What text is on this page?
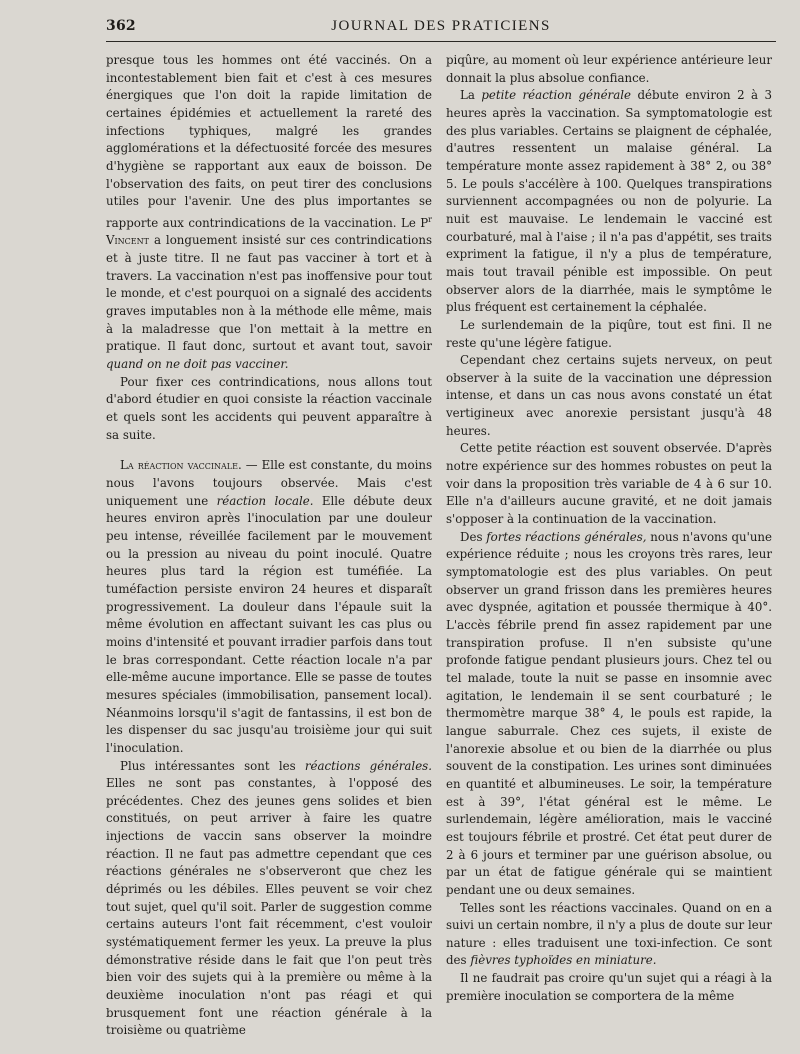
362	JOURNAL DES PRATICIENS

presque tous les hommes ont été vaccinés. On a incontestablement bien fait et c'est à ces mesures énergiques que l'on doit la rapide limitation de certaines épidémies et actuellement la rareté des infections typhiques, malgré les grandes agglomérations et la défectuosité forcée des mesures d'hygiène se rapportant aux eaux de boisson. De l'observation des faits, on peut tirer des conclusions utiles pour l'avenir. Une des plus importantes se rapporte aux contrindications de la vaccination. Le $P^r$ Vincent a longuement insisté sur ces contrindications et à juste titre. Il ne faut pas vacciner à tort et à travers. La vaccination n'est pas inoffensive pour tout le monde, et c'est pourquoi on a signalé des accidents graves imputables non à la méthode elle même, mais à la maladresse que l'on mettait à la mettre en pratique. Il faut donc, surtout et avant tout, savoir quand on ne doit pas vacciner.

Pour fixer ces contrindications, nous allons tout d'abord étudier en quoi consiste la réaction vaccinale et quels sont les accidents qui peuvent apparaître à sa suite.

La réaction vaccinale. — Elle est constante, du moins nous l'avons toujours observée. Mais c'est uniquement une réaction locale. Elle débute deux heures environ après l'inoculation par une douleur peu intense, réveillée facilement par le mouvement ou la pression au niveau du point inoculé. Quatre heures plus tard la région est tuméfiée. La tuméfaction persiste environ 24 heures et disparaît progressivement. La douleur dans l'épaule suit la même évolution en affectant suivant les cas plus ou moins d'intensité et pouvant irradier parfois dans tout le bras correspondant. Cette réaction locale n'a par elle-même aucune importance. Elle se passe de toutes mesures spéciales (immobilisation, pansement local). Néanmoins lorsqu'il s'agit de fantassins, il est bon de les dispenser du sac jusqu'au troisième jour qui suit l'inoculation.

Plus intéressantes sont les réactions générales. Elles ne sont pas constantes, à l'opposé des précédentes. Chez des jeunes gens solides et bien constitués, on peut arriver à faire les quatre injections de vaccin sans observer la moindre réaction. Il ne faut pas admettre cependant que ces réactions générales ne s'observeront que chez les déprimés ou les débiles. Elles peuvent se voir chez tout sujet, quel qu'il soit. Parler de suggestion comme certains auteurs l'ont fait récemment, c'est vouloir systématiquement fermer les yeux. La preuve la plus démonstrative réside dans le fait que l'on peut très bien voir des sujets qui à la première ou même à la deuxième inoculation n'ont pas réagi et qui brusquement font une réaction générale à la troisième ou quatrième

piqûre, au moment où leur expérience antérieure leur donnait la plus absolue confiance.

La petite réaction générale débute environ 2 à 3 heures après la vaccination. Sa symptomatologie est des plus variables. Certains se plaignent de céphalée, d'autres ressentent un malaise général. La température monte assez rapidement à 38° 2, ou 38° 5. Le pouls s'accélère à 100. Quelques transpirations surviennent accompagnées ou non de polyurie. La nuit est mauvaise. Le lendemain le vacciné est courbaturé, mal à l'aise ; il n'a pas d'appétit, ses traits expriment la fatigue, il n'y a plus de température, mais tout travail pénible est impossible. On peut observer alors de la diarrhée, mais le symptôme le plus fréquent est certainement la céphalée.

Le surlendemain de la piqûre, tout est fini. Il ne reste qu'une légère fatigue.

Cependant chez certains sujets nerveux, on peut observer à la suite de la vaccination une dépression intense, et dans un cas nous avons constaté un état vertigineux avec anorexie persistant jusqu'à 48 heures.

Cette petite réaction est souvent observée. D'après notre expérience sur des hommes robustes on peut la voir dans la proposition très variable de 4 à 6 sur 10. Elle n'a d'ailleurs aucune gravité, et ne doit jamais s'opposer à la continuation de la vaccination.

Des fortes réactions générales, nous n'avons qu'une expérience réduite ; nous les croyons très rares, leur symptomatologie est des plus variables. On peut observer un grand frisson dans les premières heures avec dyspnée, agitation et poussée thermique à 40°. L'accès fébrile prend fin assez rapidement par une transpiration profuse. Il n'en subsiste qu'une profonde fatigue pendant plusieurs jours. Chez tel ou tel malade, toute la nuit se passe en insomnie avec agitation, le lendemain il se sent courbaturé ; le thermomètre marque 38° 4, le pouls est rapide, la langue saburrale. Chez ces sujets, il existe de l'anorexie absolue et ou bien de la diarrhée ou plus souvent de la constipation. Les urines sont diminuées en quantité et albumineuses. Le soir, la température est à 39°, l'état général est le même. Le surlendemain, légère amélioration, mais le vacciné est toujours fébrile et prostré. Cet état peut durer de 2 à 6 jours et terminer par une guérison absolue, ou par un état de fatigue générale qui se maintient pendant une ou deux semaines.

Telles sont les réactions vaccinales. Quand on en a suivi un certain nombre, il n'y a plus de doute sur leur nature : elles traduisent une toxi-infection. Ce sont des fièvres typhoïdes en miniature.

Il ne faudrait pas croire qu'un sujet qui a réagi à la première inoculation se comportera de la même
